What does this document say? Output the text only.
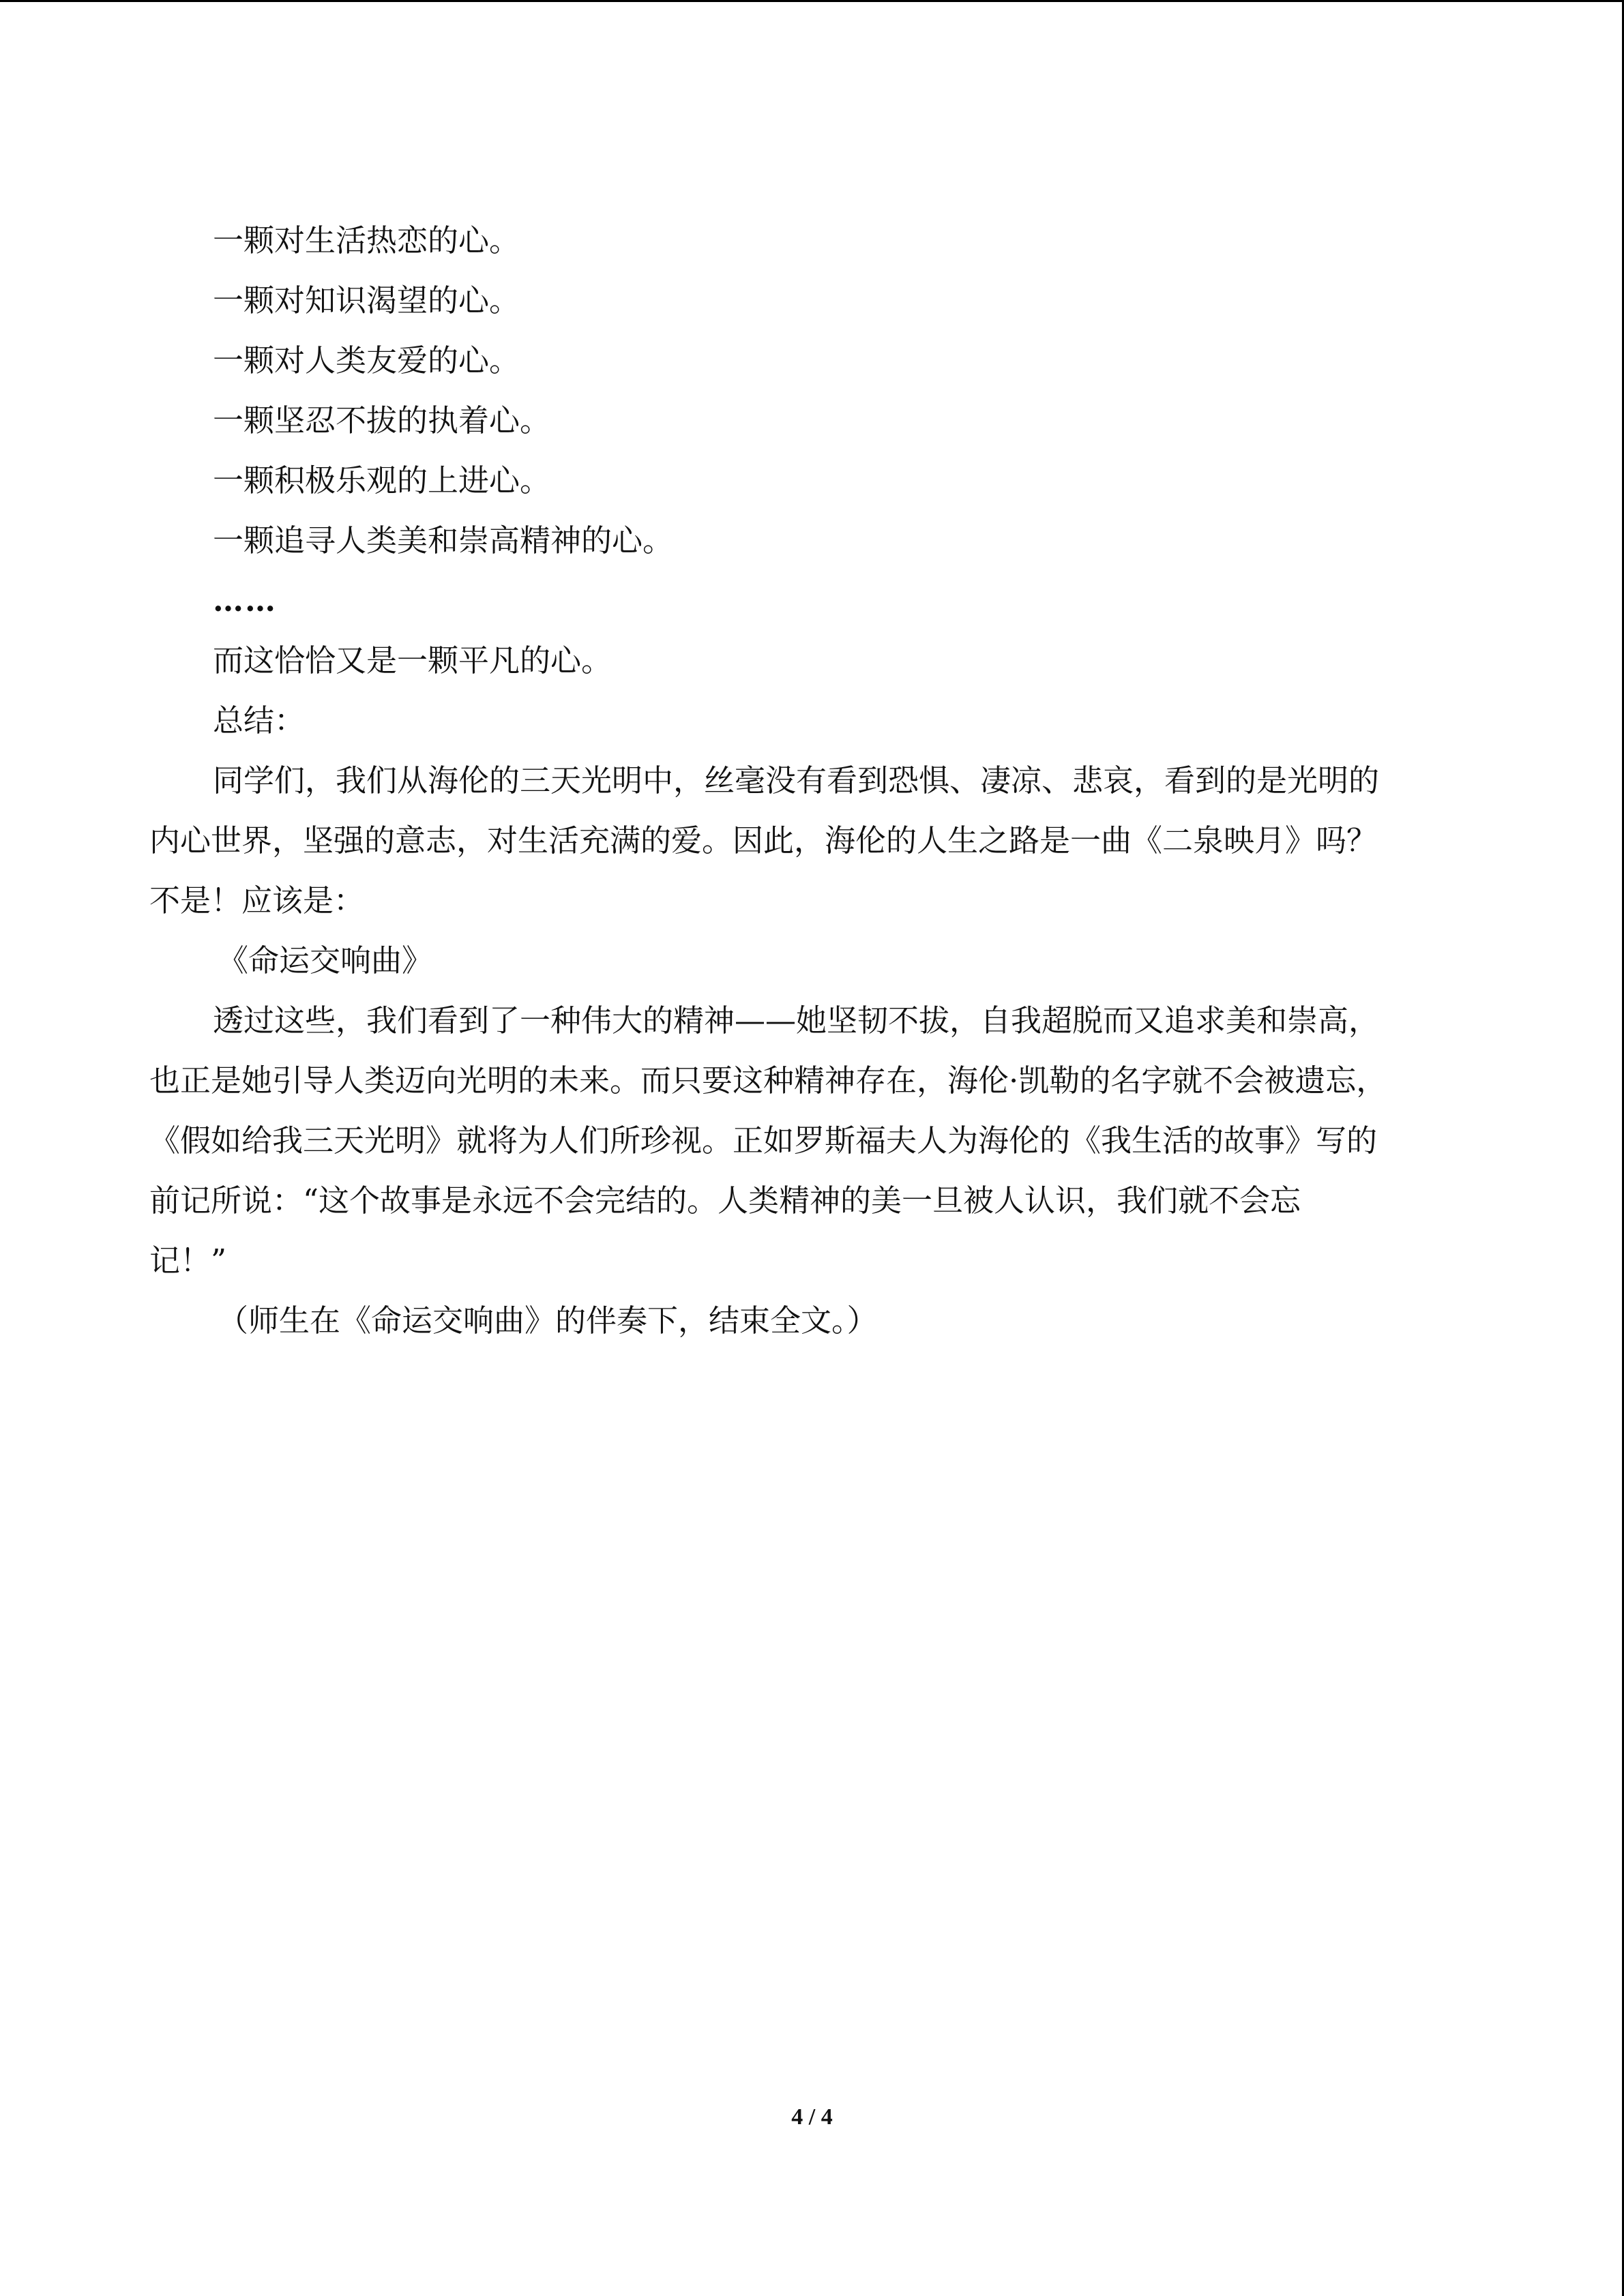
一颗对生活热恋的心。
一颗对知识渴望的心。
一颗对人类友爱的心。
一颗坚忍不拔的执着心。
一颗积极乐观的上进心。
一颗追寻人类美和崇高精神的心。
……
而这恰恰又是一颗平凡的心。
总结：
同学们，我们从海伦的三天光明中，丝毫没有看到恐惧、凄凉、悲哀，看到的是光明的
内心世界，坚强的意志，对生活充满的爱。因此，海伦的人生之路是一曲《二泉映月》吗？
不是！应该是：
《命运交响曲》
透过这些，我们看到了一种伟大的精神——她坚韧不拔，自我超脱而又追求美和崇高，
也正是她引导人类迈向光明的未来。而只要这种精神存在，海伦·凯勒的名字就不会被遗忘，
《假如给我三天光明》就将为人们所珍视。正如罗斯福夫人为海伦的《我生活的故事》写的
前记所说：“这个故事是永远不会完结的。人类精神的美一旦被人认识，我们就不会忘
记！”
（师生在《命运交响曲》的伴奏下，结束全文。）
4 / 4
